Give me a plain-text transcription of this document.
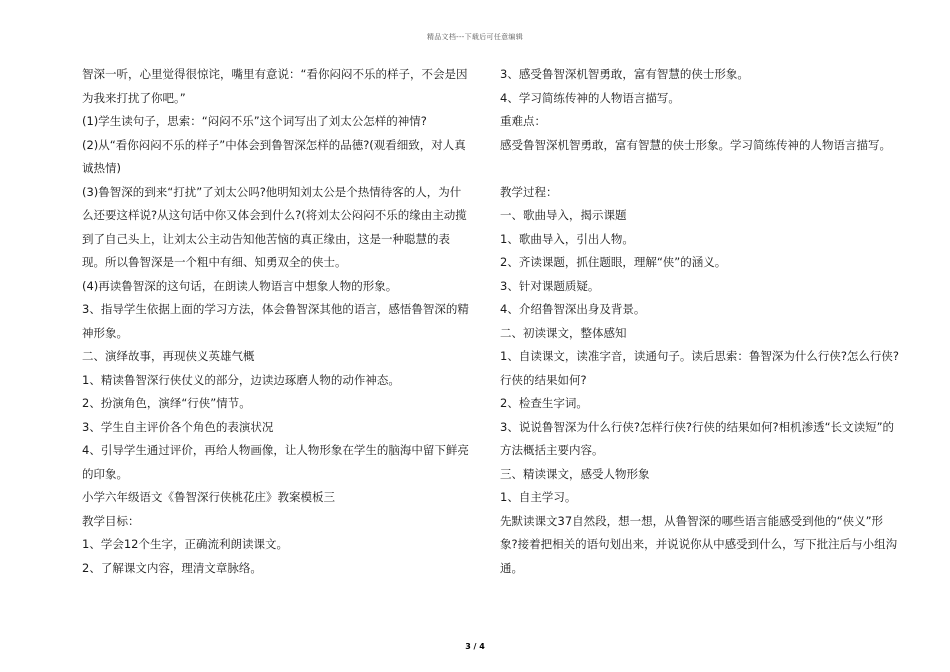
精品文档---下载后可任意编辑

智深一听，心里觉得很惊诧，嘴里有意说：“看你闷闷不乐的样子，不会是因为我来打扰了你吧。”

(1)学生读句子，思索：“闷闷不乐”这个词写出了刘太公怎样的神情?

(2)从“看你闷闷不乐的样子”中体会到鲁智深怎样的品德?(观看细致，对人真诚热情)

(3)鲁智深的到来“打扰”了刘太公吗?他明知刘太公是个热情待客的人，为什么还要这样说?从这句话中你又体会到什么?(将刘太公闷闷不乐的缘由主动揽到了自己头上，让刘太公主动告知他苦恼的真正缘由，这是一种聪慧的表现。所以鲁智深是一个粗中有细、知勇双全的侠士。

(4)再读鲁智深的这句话，在朗读人物语言中想象人物的形象。

3、指导学生依据上面的学习方法，体会鲁智深其他的语言，感悟鲁智深的精神形象。

二、演绎故事，再现侠义英雄气概

1、精读鲁智深行侠仗义的部分，边读边琢磨人物的动作神态。

2、扮演角色，演绎“行侠”情节。

3、学生自主评价各个角色的表演状况

4、引导学生通过评价，再给人物画像，让人物形象在学生的脑海中留下鲜亮的印象。

小学六年级语文《鲁智深行侠桃花庄》教案模板三

教学目标：

1、学会12个生字，正确流利朗读课文。

2、了解课文内容，理清文章脉络。

3、感受鲁智深机智勇敢，富有智慧的侠士形象。

4、学习简练传神的人物语言描写。

重难点：

感受鲁智深机智勇敢，富有智慧的侠士形象。学习简练传神的人物语言描写。

教学过程：

一、歌曲导入，揭示课题

1、歌曲导入，引出人物。

2、齐读课题，抓住题眼，理解“侠”的涵义。

3、针对课题质疑。

4、介绍鲁智深出身及背景。

二、初读课文，整体感知

1、自读课文，读准字音，读通句子。读后思索：鲁智深为什么行侠?怎么行侠?行侠的结果如何?

2、检查生字词。

3、说说鲁智深为什么行侠?怎样行侠?行侠的结果如何?相机渗透“长文读短”的方法概括主要内容。

三、精读课文，感受人物形象

1、自主学习。

先默读课文37自然段，想一想，从鲁智深的哪些语言能感受到他的“侠义”形象?接着把相关的语句划出来，并说说你从中感受到什么，写下批注后与小组沟通。

3 / 4
